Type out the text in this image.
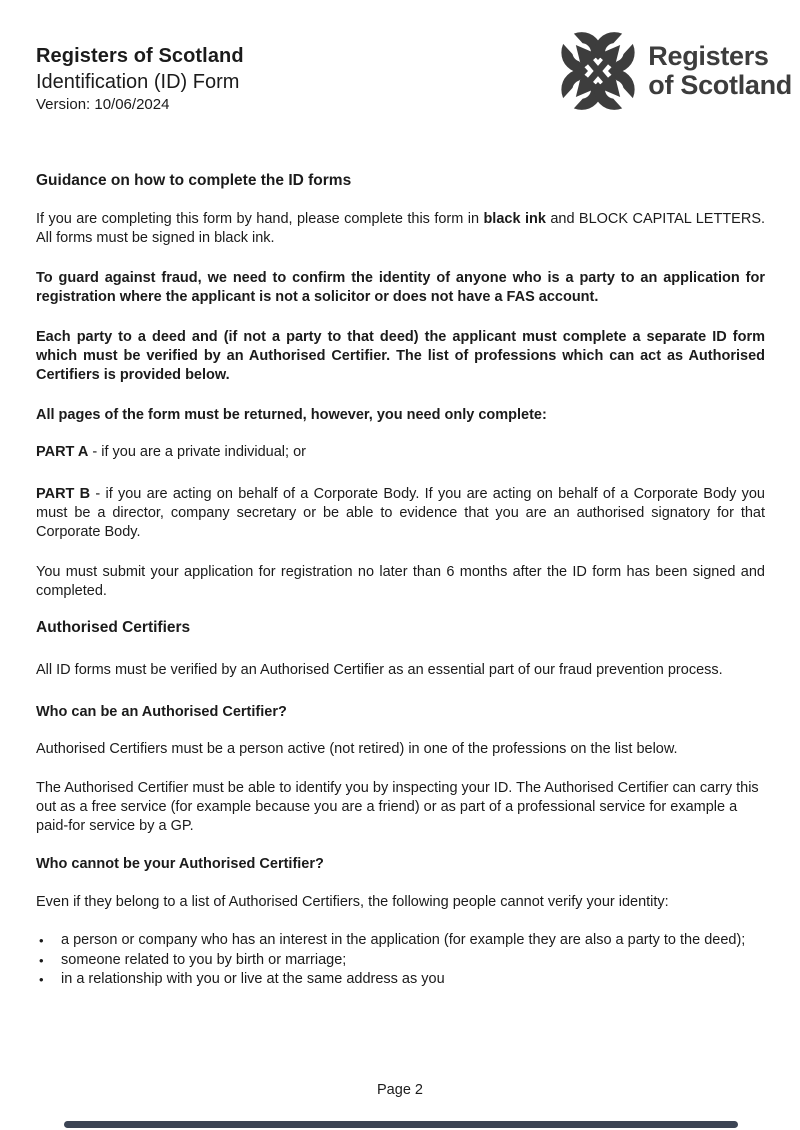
Registers
of Scotland
Registers of Scotland
Identification (ID) Form
Version: 10/06/2024
Guidance on how to complete the ID forms

If you are completing this form by hand, please complete this form in black ink and BLOCK CAPITAL LETTERS. All forms must be signed in black ink.

To guard against fraud, we need to confirm the identity of anyone who is a party to an application for registration where the applicant is not a solicitor or does not have a FAS account.

Each party to a deed and (if not a party to that deed) the applicant must complete a separate ID form which must be verified by an Authorised Certifier. The list of professions which can act as Authorised Certifiers is provided below.

All pages of the form must be returned, however, you need only complete:

PART A - if you are a private individual; or

PART B - if you are acting on behalf of a Corporate Body. If you are acting on behalf of a Corporate Body you must be a director, company secretary or be able to evidence that you are an authorised signatory for that Corporate Body.

You must submit your application for registration no later than 6 months after the ID form has been signed and completed.

Authorised Certifiers

All ID forms must be verified by an Authorised Certifier as an essential part of our fraud prevention process.

Who can be an Authorised Certifier?

Authorised Certifiers must be a person active (not retired) in one of the professions on the list below.

The Authorised Certifier must be able to identify you by inspecting your ID. The Authorised Certifier can carry this out as a free service (for example because you are a friend) or as part of a professional service for example a paid-for service by a GP.

Who cannot be your Authorised Certifier?

Even if they belong to a list of Authorised Certifiers, the following people cannot verify your identity:

• a person or company who has an interest in the application (for example they are also a party to the deed);
• someone related to you by birth or marriage;
• in a relationship with you or live at the same address as you
Page 2
